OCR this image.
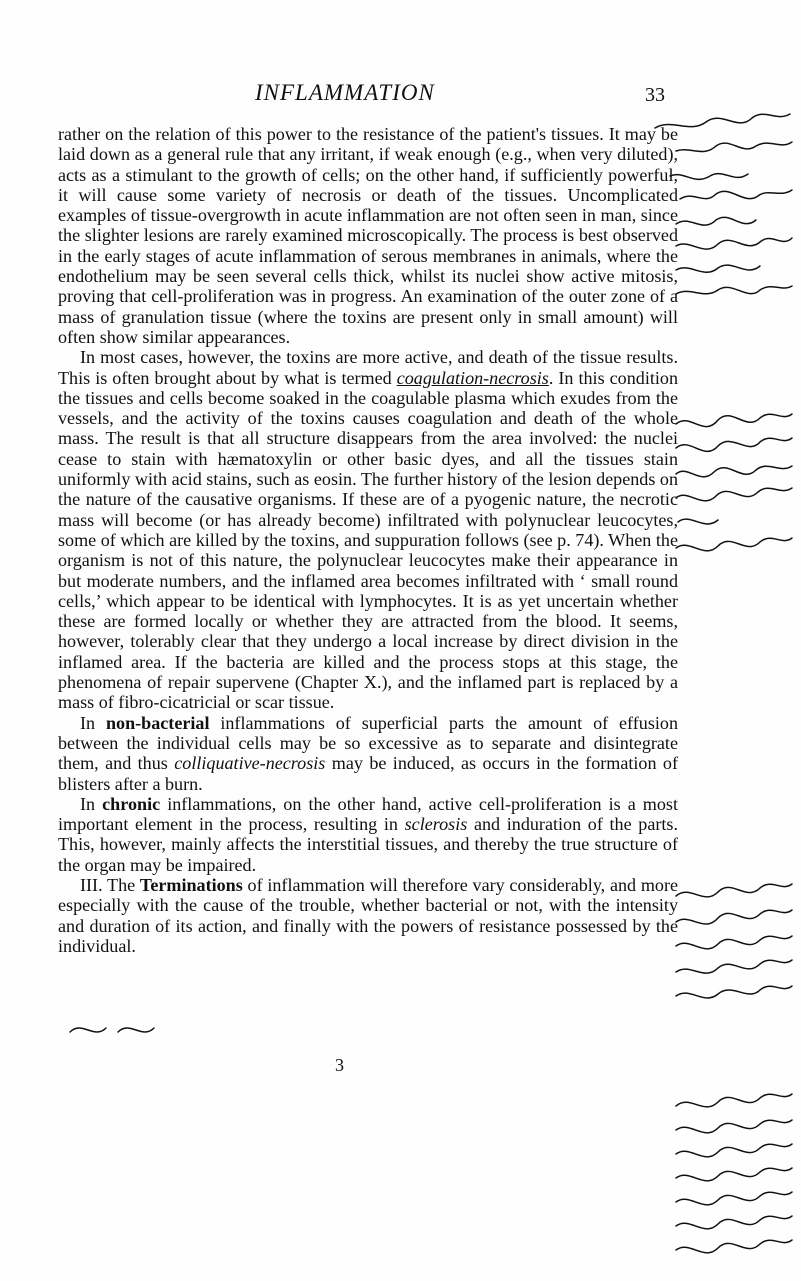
INFLAMMATION	33

rather on the relation of this power to the resistance of the patient's tissues. It may be laid down as a general rule that any irritant, if weak enough (e.g., when very diluted), acts as a stimulant to the growth of cells; on the other hand, if sufficiently powerful, it will cause some variety of necrosis or death of the tissues. Uncomplicated examples of tissue-overgrowth in acute inflammation are not often seen in man, since the slighter lesions are rarely examined microscopically. The process is best observed in the early stages of acute inflammation of serous membranes in animals, where the endothelium may be seen several cells thick, whilst its nuclei show active mitosis, proving that cell-proliferation was in progress. An examination of the outer zone of a mass of granulation tissue (where the toxins are present only in small amount) will often show similar appearances.

In most cases, however, the toxins are more active, and death of the tissue results. This is often brought about by what is termed coagulation-necrosis. In this condition the tissues and cells become soaked in the coagulable plasma which exudes from the vessels, and the activity of the toxins causes coagulation and death of the whole mass. The result is that all structure disappears from the area involved: the nuclei cease to stain with hæmatoxylin or other basic dyes, and all the tissues stain uniformly with acid stains, such as eosin. The further history of the lesion depends on the nature of the causative organisms. If these are of a pyogenic nature, the necrotic mass will become (or has already become) infiltrated with polynuclear leucocytes, some of which are killed by the toxins, and suppuration follows (see p. 74). When the organism is not of this nature, the polynuclear leucocytes make their appearance in but moderate numbers, and the inflamed area becomes infiltrated with ‘ small round cells,’ which appear to be identical with lymphocytes. It is as yet uncertain whether these are formed locally or whether they are attracted from the blood. It seems, however, tolerably clear that they undergo a local increase by direct division in the inflamed area. If the bacteria are killed and the process stops at this stage, the phenomena of repair supervene (Chapter X.), and the inflamed part is replaced by a mass of fibro-cicatricial or scar tissue.

In non-bacterial inflammations of superficial parts the amount of effusion between the individual cells may be so excessive as to separate and disintegrate them, and thus colliquative-necrosis may be induced, as occurs in the formation of blisters after a burn.

In chronic inflammations, on the other hand, active cell-proliferation is a most important element in the process, resulting in sclerosis and induration of the parts. This, however, mainly affects the interstitial tissues, and thereby the true structure of the organ may be impaired.

III. The Terminations of inflammation will therefore vary considerably, and more especially with the cause of the trouble, whether bacterial or not, with the intensity and duration of its action, and finally with the powers of resistance possessed by the individual.

3
